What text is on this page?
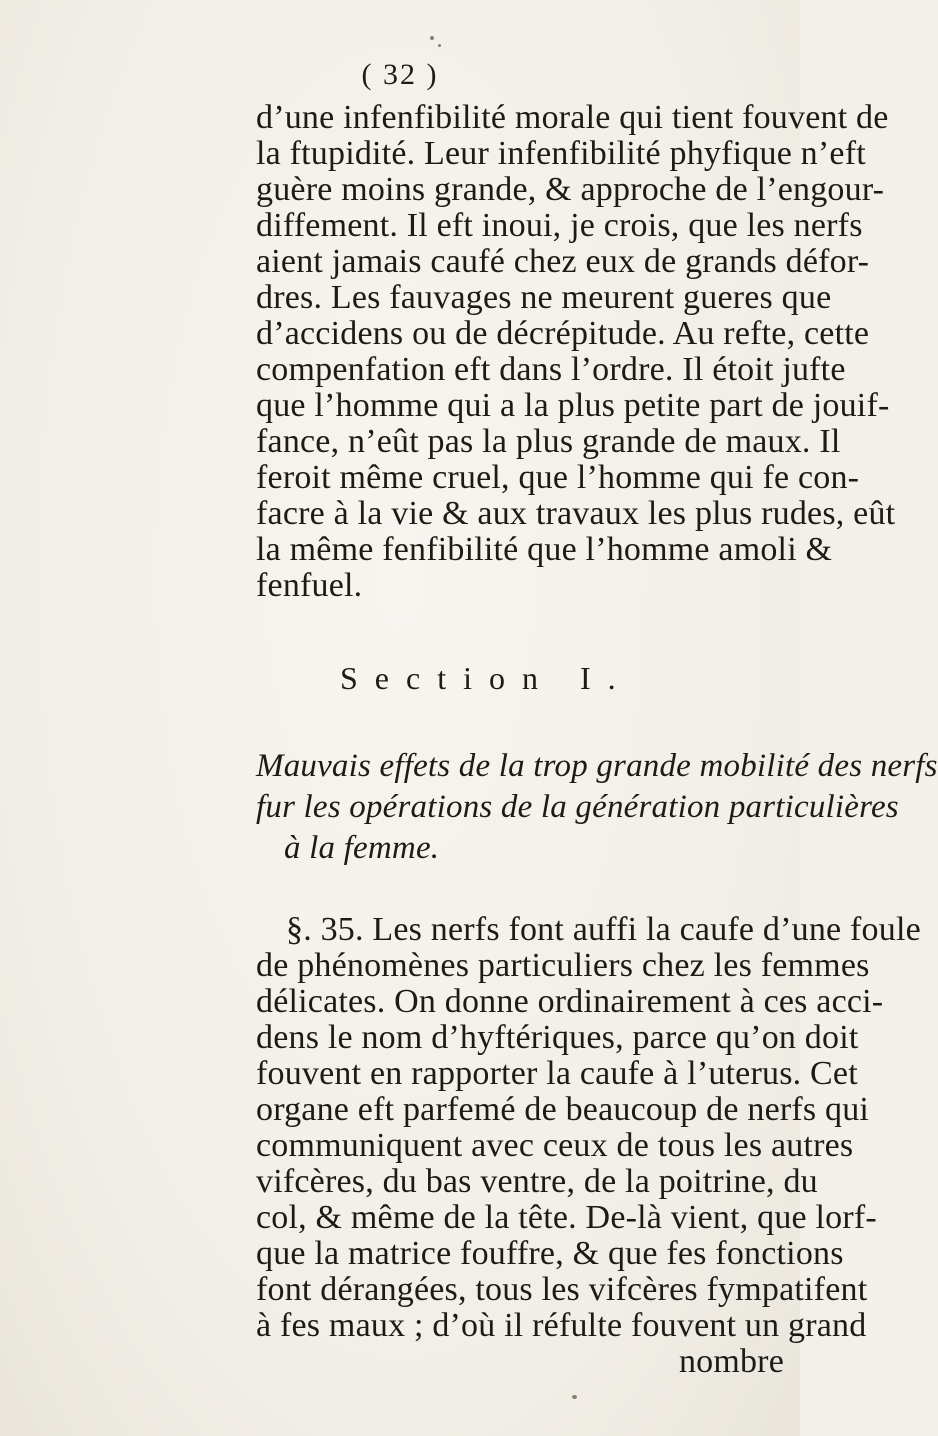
( 32 )
d’une infenfibilité morale qui tient fouvent de
la ftupidité. Leur infenfibilité phyfique n’eft
guère moins grande, & approche de l’engour-
diffement. Il eft inoui, je crois, que les nerfs
aient jamais caufé chez eux de grands défor-
dres. Les fauvages ne meurent gueres que
d’accidens ou de décrépitude. Au refte, cette
compenfation eft dans l’ordre. Il étoit jufte
que l’homme qui a la plus petite part de jouif-
fance, n’eût pas la plus grande de maux. Il
feroit même cruel, que l’homme qui fe con-
facre à la vie & aux travaux les plus rudes, eût
la même fenfibilité que l’homme amoli &
fenfuel.
Section I.
Mauvais effets de la trop grande mobilité des nerfs
fur les opérations de la génération particulières
à la femme.
§. 35. Les nerfs font auffi la caufe d’une foule
de phénomènes particuliers chez les femmes
délicates. On donne ordinairement à ces acci-
dens le nom d’hyftériques, parce qu’on doit
fouvent en rapporter la caufe à l’uterus. Cet
organe eft parfemé de beaucoup de nerfs qui
communiquent avec ceux de tous les autres
vifcères, du bas ventre, de la poitrine, du
col, & même de la tête. De-là vient, que lorf-
que la matrice fouffre, & que fes fonctions
font dérangées, tous les vifcères fympatifent
à fes maux ; d’où il réfulte fouvent un grand
nombre
